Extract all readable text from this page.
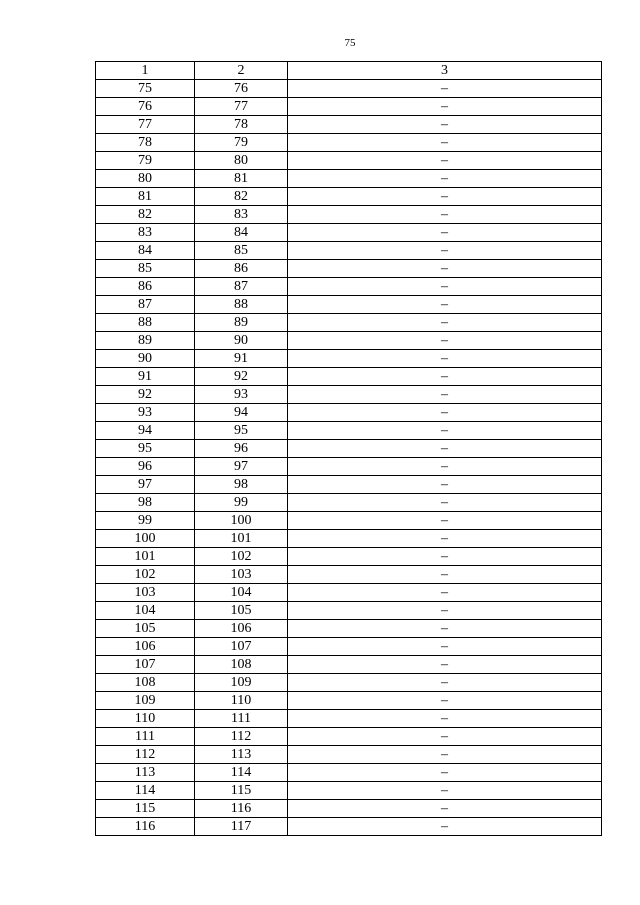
75
1	2	3
75	76	–
76	77	–
77	78	–
78	79	–
79	80	–
80	81	–
81	82	–
82	83	–
83	84	–
84	85	–
85	86	–
86	87	–
87	88	–
88	89	–
89	90	–
90	91	–
91	92	–
92	93	–
93	94	–
94	95	–
95	96	–
96	97	–
97	98	–
98	99	–
99	100	–
100	101	–
101	102	–
102	103	–
103	104	–
104	105	–
105	106	–
106	107	–
107	108	–
108	109	–
109	110	–
110	111	–
111	112	–
112	113	–
113	114	–
114	115	–
115	116	–
116	117	–
